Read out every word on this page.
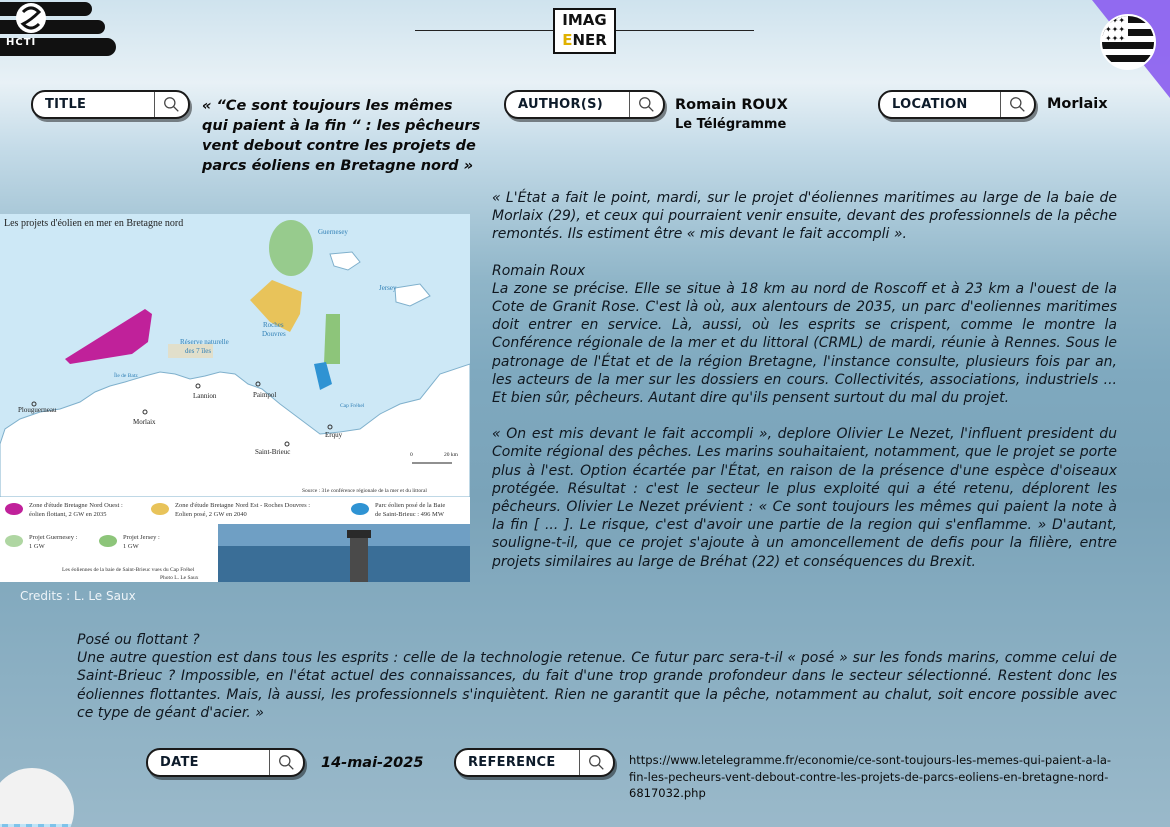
HCTI
IMAG
ENER
✦✦✦
✦✦✦
✦✦✦
TITLE	« “Ce sont toujours les mêmes qui paient à la fin “ : les pêcheurs vent debout contre les projets de parcs éoliens en Bretagne nord »
AUTHOR(S)	Romain ROUX
Le Télégramme
LOCATION	Morlaix
Les projets d'éolien en mer en Bretagne nord
Guernesey
Jersey
Roches
Douvres
Réserve naturelle
des 7 îles
Île de Batz
Plouguerneau
Morlaix
Lannion	Paimpol
Cap Fréhel
Erquy
Saint-Brieuc	0	20 km
Source : 31e conférence régionale de la mer et du littoral
Zone d'étude Bretagne Nord Ouest :
éolien flottant, 2 GW en 2035
Zone d'étude Bretagne Nord Est - Roches Douvres :
Eolien posé, 2 GW en 2040
Parc éolien posé de la Baie
de Saint-Brieuc : 496 MW
Projet Guernesey :
1 GW
Projet Jersey :
1 GW
Les éoliennes de la baie de Saint-Brieuc vues du Cap Fréhel
Photo L. Le Saux
Credits : L. Le Saux

« L'État a fait le point, mardi, sur le projet d'éoliennes maritimes au large de la baie de Morlaix (29), et ceux qui pourraient venir ensuite, devant des professionnels de la pêche remontés. Ils estiment être « mis devant le fait accompli ».

Romain Roux

La zone se précise. Elle se situe à 18 km au nord de Roscoff et à 23 km a l'ouest de la Cote de Granit Rose. C'est là où, aux alentours de 2035, un parc d'eoliennes maritimes doit entrer en service. Là, aussi, où les esprits se crispent, comme le montre la Conférence régionale de la mer et du littoral (CRML) de mardi, réunie à Rennes. Sous le patronage de l'État et de la région Bretagne, l'instance consulte, plusieurs fois par an, les acteurs de la mer sur les dossiers en cours. Collectivités, associations, industriels ... Et bien sûr, pêcheurs. Autant dire qu'ils pensent surtout du mal du projet.

« On est mis devant le fait accompli », deplore Olivier Le Nezet, l'influent president du Comite régional des pêches. Les marins souhaitaient, notamment, que le projet se porte plus à l'est. Option écartée par l'État, en raison de la présence d'une espèce d'oiseaux protégée. Résultat : c'est le secteur le plus exploité qui a été retenu, déplorent les pêcheurs. Olivier Le Nezet prévient : « Ce sont toujours les mêmes qui paient la note à la fin [ ... ]. Le risque, c'est d'avoir une partie de la region qui s'enflamme. » D'autant, souligne-t-il, que ce projet s'ajoute à un amoncellement de defis pour la filière, entre projets similaires au large de Bréhat (22) et conséquences du Brexit.

Posé ou flottant ?
Une autre question est dans tous les esprits : celle de la technologie retenue. Ce futur parc sera-t-il « posé » sur les fonds marins, comme celui de Saint-Brieuc ? Impossible, en l'état actuel des connaissances, du fait d'une trop grande profondeur dans le secteur sélectionné. Restent donc les éoliennes flottantes. Mais, là aussi, les professionnels s'inquiètent. Rien ne garantit que la pêche, notamment au chalut, soit encore possible avec ce type de géant d'acier. »
DATE	14-mai-2025	REFERENCE	https://www.letelegramme.fr/economie/ce-sont-toujours-les-memes-qui-paient-a-la-fin-les-pecheurs-vent-debout-contre-les-projets-de-parcs-eoliens-en-bretagne-nord-6817032.php
